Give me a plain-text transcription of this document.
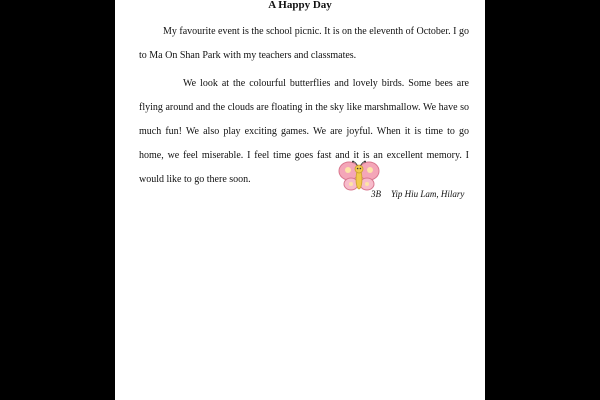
A Happy Day

My favourite event is the school picnic. It is on the eleventh of October. I go to Ma On Shan Park with my teachers and classmates.

We look at the colourful butterflies and lovely birds. Some bees are flying around and the clouds are floating in the sky like marshmallow. We have so much fun! We also play exciting games. We are joyful. When it is time to go home, we feel miserable. I feel time goes fast and it is an excellent memory. I would like to go there soon.

3B Yip Hiu Lam, Hilary
